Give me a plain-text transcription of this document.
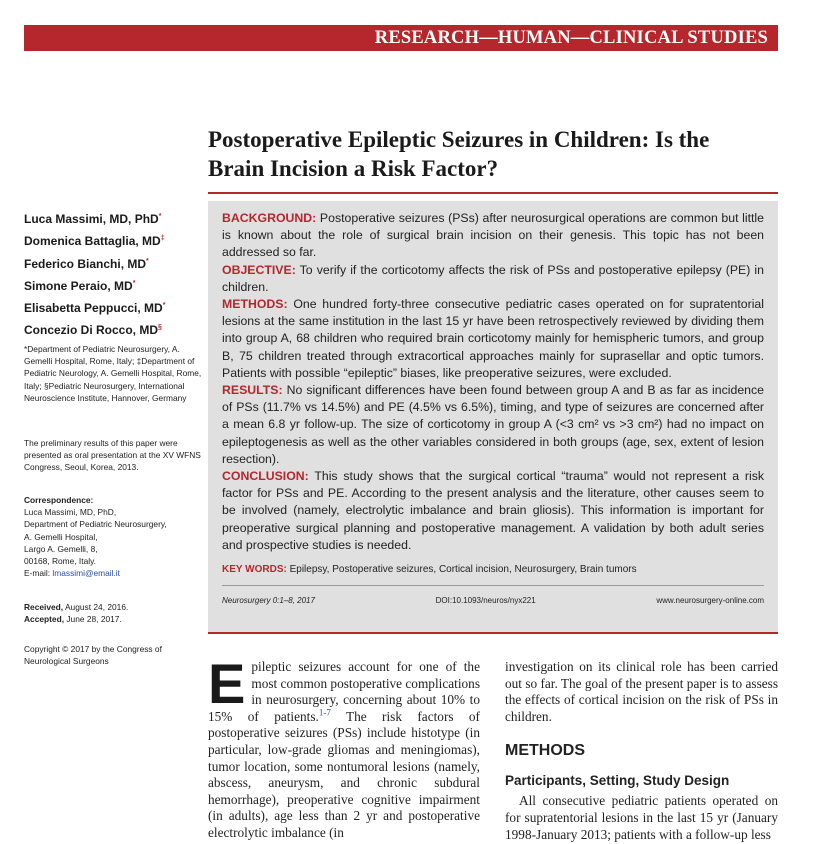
RESEARCH—HUMAN—CLINICAL STUDIES
Postoperative Epileptic Seizures in Children: Is the
Brain Incision a Risk Factor?
Luca Massimi, MD, PhD*
Domenica Battaglia, MD‡
Federico Bianchi, MD*
Simone Peraio, MD*
Elisabetta Peppucci, MD*
Concezio Di Rocco, MD§
*Department of Pediatric Neurosurgery, A. Gemelli Hospital, Rome, Italy; ‡Department of Pediatric Neurology, A. Gemelli Hospital, Rome, Italy; §Pediatric Neurosurgery, International Neuroscience Institute, Hannover, Germany
The preliminary results of this paper were presented as oral presentation at the XV WFNS Congress, Seoul, Korea, 2013.
Correspondence:
Luca Massimi, MD, PhD,
Department of Pediatric Neurosurgery,
A. Gemelli Hospital,
Largo A. Gemelli, 8,
00168, Rome, Italy.
E-mail: lmassimi@email.it
Received, August 24, 2016.
Accepted, June 28, 2017.
Copyright © 2017 by the Congress of Neurological Surgeons

BACKGROUND: Postoperative seizures (PSs) after neurosurgical operations are common but little is known about the role of surgical brain incision on their genesis. This topic has not been addressed so far.

OBJECTIVE: To verify if the corticotomy affects the risk of PSs and postoperative epilepsy (PE) in children.

METHODS: One hundred forty-three consecutive pediatric cases operated on for supratentorial lesions at the same institution in the last 15 yr have been retrospectively reviewed by dividing them into group A, 68 children who required brain corticotomy mainly for hemispheric tumors, and group B, 75 children treated through extracortical approaches mainly for suprasellar and optic tumors. Patients with possible “epileptic” biases, like preoperative seizures, were excluded.

RESULTS: No significant differences have been found between group A and B as far as incidence of PSs (11.7% vs 14.5%) and PE (4.5% vs 6.5%), timing, and type of seizures are concerned after a mean 6.8 yr follow-up. The size of corticotomy in group A (<3 cm² vs >3 cm²) had no impact on epileptogenesis as well as the other variables considered in both groups (age, sex, extent of lesion resection).

CONCLUSION: This study shows that the surgical cortical “trauma” would not represent a risk factor for PSs and PE. According to the present analysis and the literature, other causes seem to be involved (namely, electrolytic imbalance and brain gliosis). This information is important for preoperative surgical planning and postoperative management. A validation by both adult series and prospective studies is needed.

KEY WORDS: Epilepsy, Postoperative seizures, Cortical incision, Neurosurgery, Brain tumors

Neurosurgery 0:1–8, 2017	DOI:10.1093/neuros/nyx221	www.neurosurgery-online.com
Epileptic seizures account for one of the most common postoperative complications in neurosurgery, concerning about 10% to 15% of patients.$^{1-7}$ The risk factors of postoperative seizures (PSs) include histotype (in particular, low-grade gliomas and meningiomas), tumor location, some nontumoral lesions (namely, abscess, aneurysm, and chronic subdural hemorrhage), preoperative cognitive impairment (in adults), age less than 2 yr and postoperative electrolytic imbalance (in

investigation on its clinical role has been carried out so far. The goal of the present paper is to assess the effects of cortical incision on the risk of PSs in children.

METHODS
Participants, Setting, Study Design

All consecutive pediatric patients operated on for supratentorial lesions in the last 15 yr (January 1998-January 2013; patients with a follow-up less
